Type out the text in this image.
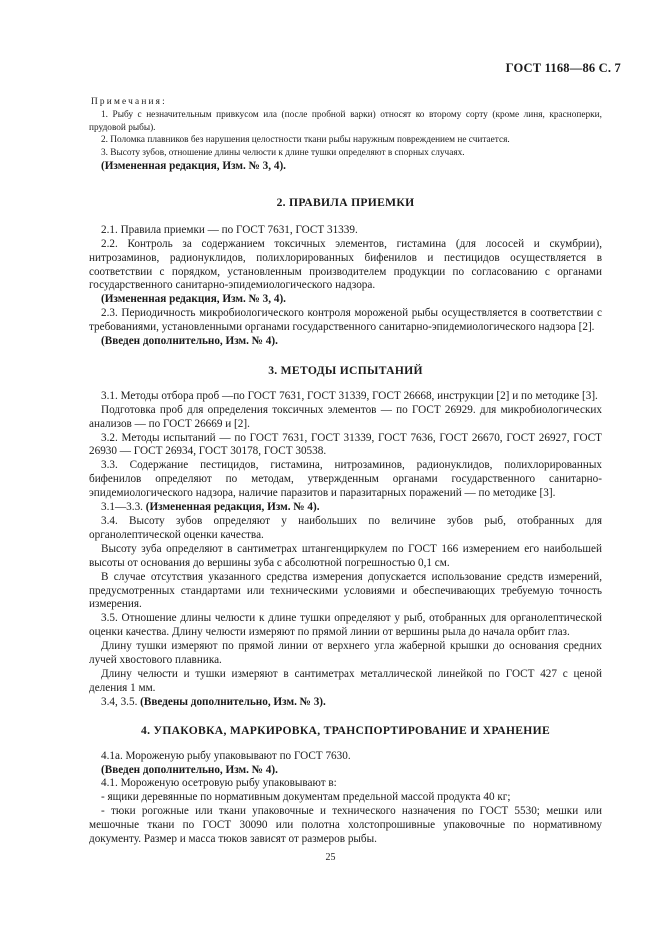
ГОСТ 1168—86 С. 7

Примечания:

1. Рыбу с незначительным привкусом ила (после пробной варки) относят ко второму сорту (кроме линя, красноперки, прудовой рыбы).

2. Поломка плавников без нарушения целостности ткани рыбы наружным повреждением не считается.

3. Высоту зубов, отношение длины челюсти к длине тушки определяют в спорных случаях.

(Измененная редакция, Изм. № 3, 4).

2. ПРАВИЛА ПРИЕМКИ

2.1. Правила приемки — по ГОСТ 7631, ГОСТ 31339.

2.2. Контроль за содержанием токсичных элементов, гистамина (для лососей и скумбрии), нитрозаминов, радионуклидов, полихлорированных бифенилов и пестицидов осуществляется в соответствии с порядком, установленным производителем продукции по согласованию с органами государственного санитарно-эпидемиологического надзора.

(Измененная редакция, Изм. № 3, 4).

2.3. Периодичность микробиологического контроля мороженой рыбы осуществляется в соответствии с требованиями, установленными органами государственного санитарно-эпидемиологического надзора [2].

(Введен дополнительно, Изм. № 4).

3. МЕТОДЫ ИСПЫТАНИЙ

3.1. Методы отбора проб —по ГОСТ 7631, ГОСТ 31339, ГОСТ 26668, инструкции [2] и по методике [3].

Подготовка проб для определения токсичных элементов — по ГОСТ 26929. для микробиологических анализов — по ГОСТ 26669 и [2].

3.2. Методы испытаний — по ГОСТ 7631, ГОСТ 31339, ГОСТ 7636, ГОСТ 26670, ГОСТ 26927, ГОСТ 26930 — ГОСТ 26934, ГОСТ 30178, ГОСТ 30538.

3.3. Содержание пестицидов, гистамина, нитрозаминов, радионуклидов, полихлорированных бифенилов определяют по методам, утвержденным органами государственного санитарно-эпидемиологического надзора, наличие паразитов и паразитарных поражений — по методике [3].

3.1—3.3. (Измененная редакция, Изм. № 4).

3.4. Высоту зубов определяют у наибольших по величине зубов рыб, отобранных для органолептической оценки качества.

Высоту зуба определяют в сантиметрах штангенциркулем по ГОСТ 166 измерением его наибольшей высоты от основания до вершины зуба с абсолютной погрешностью 0,1 см.

В случае отсутствия указанного средства измерения допускается использование средств измерений, предусмотренных стандартами или техническими условиями и обеспечивающих требуемую точность измерения.

3.5. Отношение длины челюсти к длине тушки определяют у рыб, отобранных для органолептической оценки качества. Длину челюсти измеряют по прямой линии от вершины рыла до начала орбит глаз.

Длину тушки измеряют по прямой линии от верхнего угла жаберной крышки до основания средних лучей хвостового плавника.

Длину челюсти и тушки измеряют в сантиметрах металлической линейкой по ГОСТ 427 с ценой деления 1 мм.

3.4, 3.5. (Введены дополнительно, Изм. № 3).

4. УПАКОВКА, МАРКИРОВКА, ТРАНСПОРТИРОВАНИЕ И ХРАНЕНИЕ

4.1а. Мороженую рыбу упаковывают по ГОСТ 7630.

(Введен дополнительно, Изм. № 4).

4.1. Мороженую осетровую рыбу упаковывают в:

- ящики деревянные по нормативным документам предельной массой продукта 40 кг;

- тюки рогожные или ткани упаковочные и технического назначения по ГОСТ 5530; мешки или мешочные ткани по ГОСТ 30090 или полотна холстопрошивные упаковочные по нормативному документу. Размер и масса тюков зависят от размеров рыбы.

25
